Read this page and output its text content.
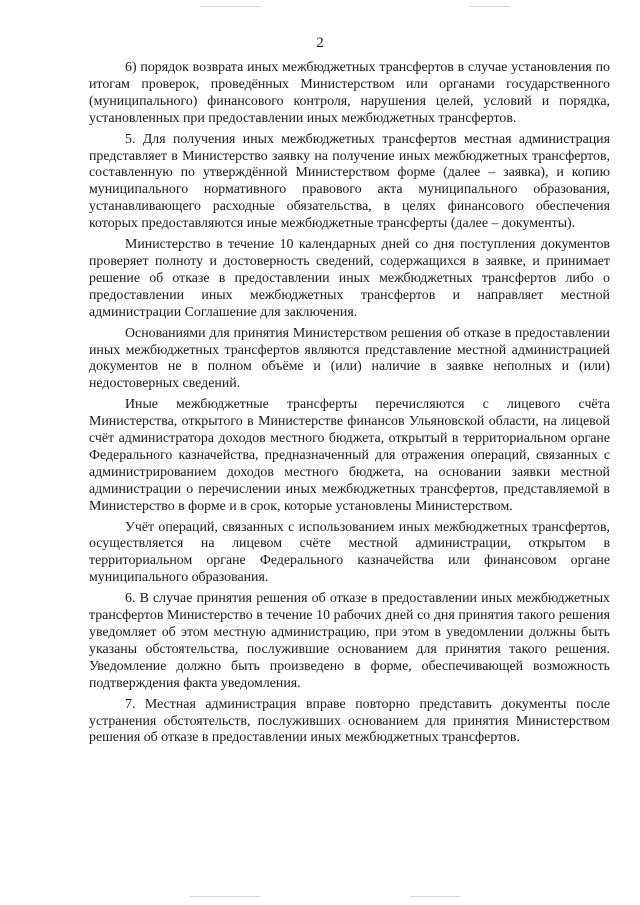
2

6) порядок возврата иных межбюджетных трансфертов в случае установления по итогам проверок, проведённых Министерством или органами государственного (муниципального) финансового контроля, нарушения целей, условий и порядка, установленных при предоставлении иных межбюджетных трансфертов.

5. Для получения иных межбюджетных трансфертов местная администрация представляет в Министерство заявку на получение иных межбюджетных трансфертов, составленную по утверждённой Министерством форме (далее – заявка), и копию муниципального нормативного правового акта муниципального образования, устанавливающего расходные обязательства, в целях финансового обеспечения которых предоставляются иные межбюджетные трансферты (далее – документы).

Министерство в течение 10 календарных дней со дня поступления документов проверяет полноту и достоверность сведений, содержащихся в заявке, и принимает решение об отказе в предоставлении иных межбюджетных трансфертов либо о предоставлении иных межбюджетных трансфертов и направляет местной администрации Соглашение для заключения.

Основаниями для принятия Министерством решения об отказе в предоставлении иных межбюджетных трансфертов являются представление местной администрацией документов не в полном объёме и (или) наличие в заявке неполных и (или) недостоверных сведений.

Иные межбюджетные трансферты перечисляются с лицевого счёта Министерства, открытого в Министерстве финансов Ульяновской области, на лицевой счёт администратора доходов местного бюджета, открытый в территориальном органе Федерального казначейства, предназначенный для отражения операций, связанных с администрированием доходов местного бюджета, на основании заявки местной администрации о перечислении иных межбюджетных трансфертов, представляемой в Министерство в форме и в срок, которые установлены Министерством.

Учёт операций, связанных с использованием иных межбюджетных трансфертов, осуществляется на лицевом счёте местной администрации, открытом в территориальном органе Федерального казначейства или финансовом органе муниципального образования.

6. В случае принятия решения об отказе в предоставлении иных межбюджетных трансфертов Министерство в течение 10 рабочих дней со дня принятия такого решения уведомляет об этом местную администрацию, при этом в уведомлении должны быть указаны обстоятельства, послужившие основанием для принятия такого решения. Уведомление должно быть произведено в форме, обеспечивающей возможность подтверждения факта уведомления.

7. Местная администрация вправе повторно представить документы после устранения обстоятельств, послуживших основанием для принятия Министерством решения об отказе в предоставлении иных межбюджетных трансфертов.
